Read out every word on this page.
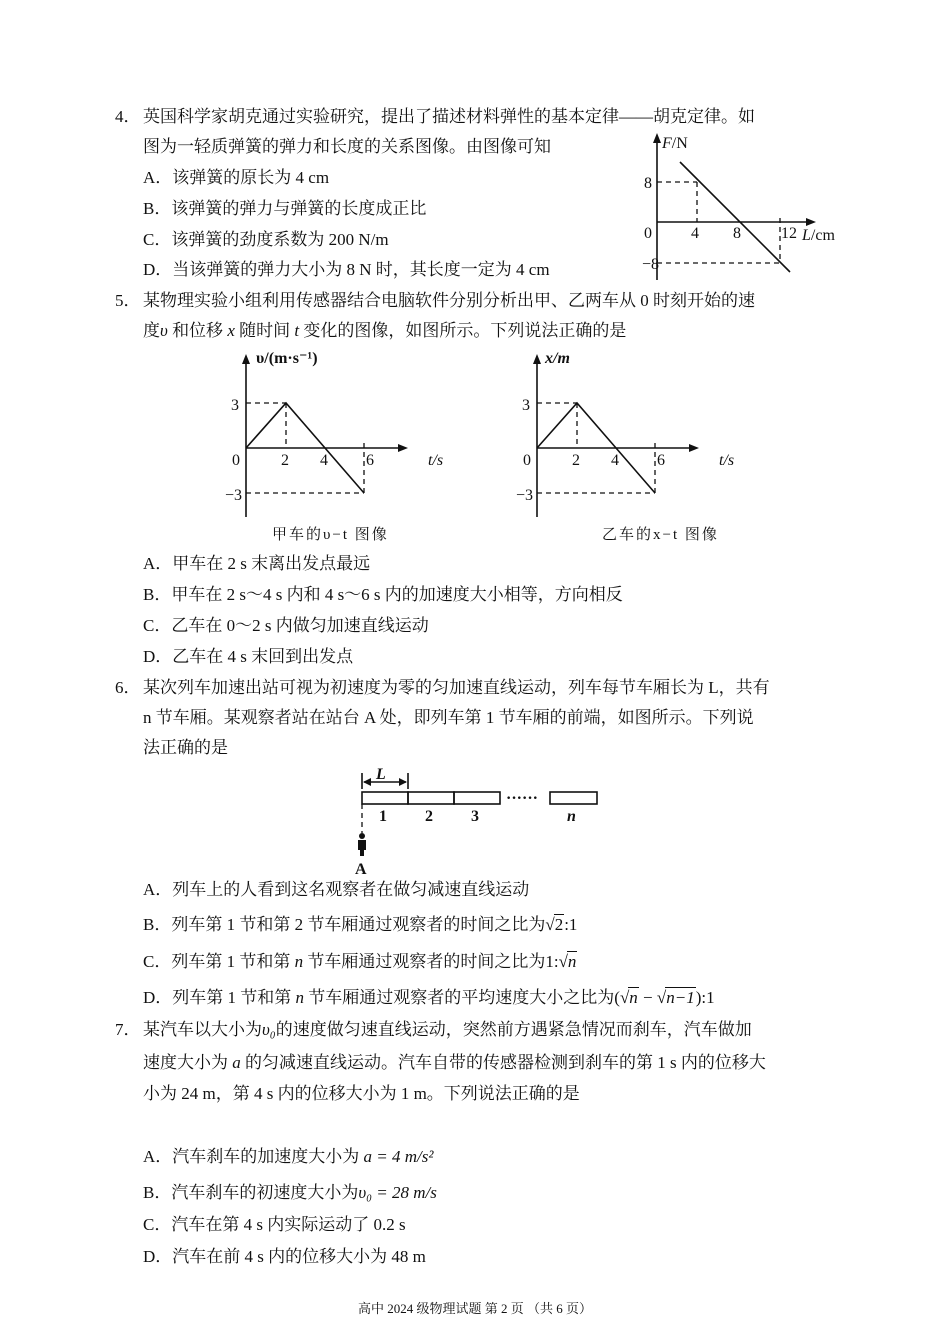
4． 英国科学家胡克通过实验研究，提出了描述材料弹性的基本定律——胡克定律。如
图为一轻质弹簧的弹力和长度的关系图像。由图像可知
A．该弹簧的原长为 4 cm
B．该弹簧的弹力与弹簧的长度成正比
C．该弹簧的劲度系数为 200 N/m
D．当该弹簧的弹力大小为 8 N 时，其长度一定为 4 cm
F/N
8
−8
0 4 8	12 L/cm
5． 某物理实验小组利用传感器结合电脑软件分别分析出甲、乙两车从 0 时刻开始的速
度υ 和位移 x 随时间 t 变化的图像，如图所示。下列说法正确的是
υ/(m·s⁻¹)
3
0
−3
2 4 6	t/s
甲车的υ−t 图像
x/m
3
0
−3
2 4 6	t/s
乙车的x−t 图像
A．甲车在 2 s 末离出发点最远
B．甲车在 2 s～4 s 内和 4 s～6 s 内的加速度大小相等，方向相反
C．乙车在 0～2 s 内做匀加速直线运动
D．乙车在 4 s 末回到出发点
6． 某次列车加速出站可视为初速度为零的匀加速直线运动，列车每节车厢长为 L，共有
n 节车厢。某观察者站在站台 A 处，即列车第 1 节车厢的前端，如图所示。下列说
法正确的是
L
1 2 3
······
n
A
A．列车上的人看到这名观察者在做匀减速直线运动
B．列车第 1 节和第 2 节车厢通过观察者的时间之比为√2:1
C．列车第 1 节和第 n 节车厢通过观察者的时间之比为1:√n
D．列车第 1 节和第 n 节车厢通过观察者的平均速度大小之比为(√n − √n−1):1
7． 某汽车以大小为υ₀的速度做匀速直线运动，突然前方遇紧急情况而刹车，汽车做加
速度大小为 a 的匀减速直线运动。汽车自带的传感器检测到刹车的第 1 s 内的位移大
小为 24 m，第 4 s 内的位移大小为 1 m。下列说法正确的是
A．汽车刹车的加速度大小为 a = 4 m/s²
B．汽车刹车的初速度大小为υ₀ = 28 m/s
C．汽车在第 4 s 内实际运动了 0.2 s
D．汽车在前 4 s 内的位移大小为 48 m
高中 2024 级物理试题 第 2 页 （共 6 页）
